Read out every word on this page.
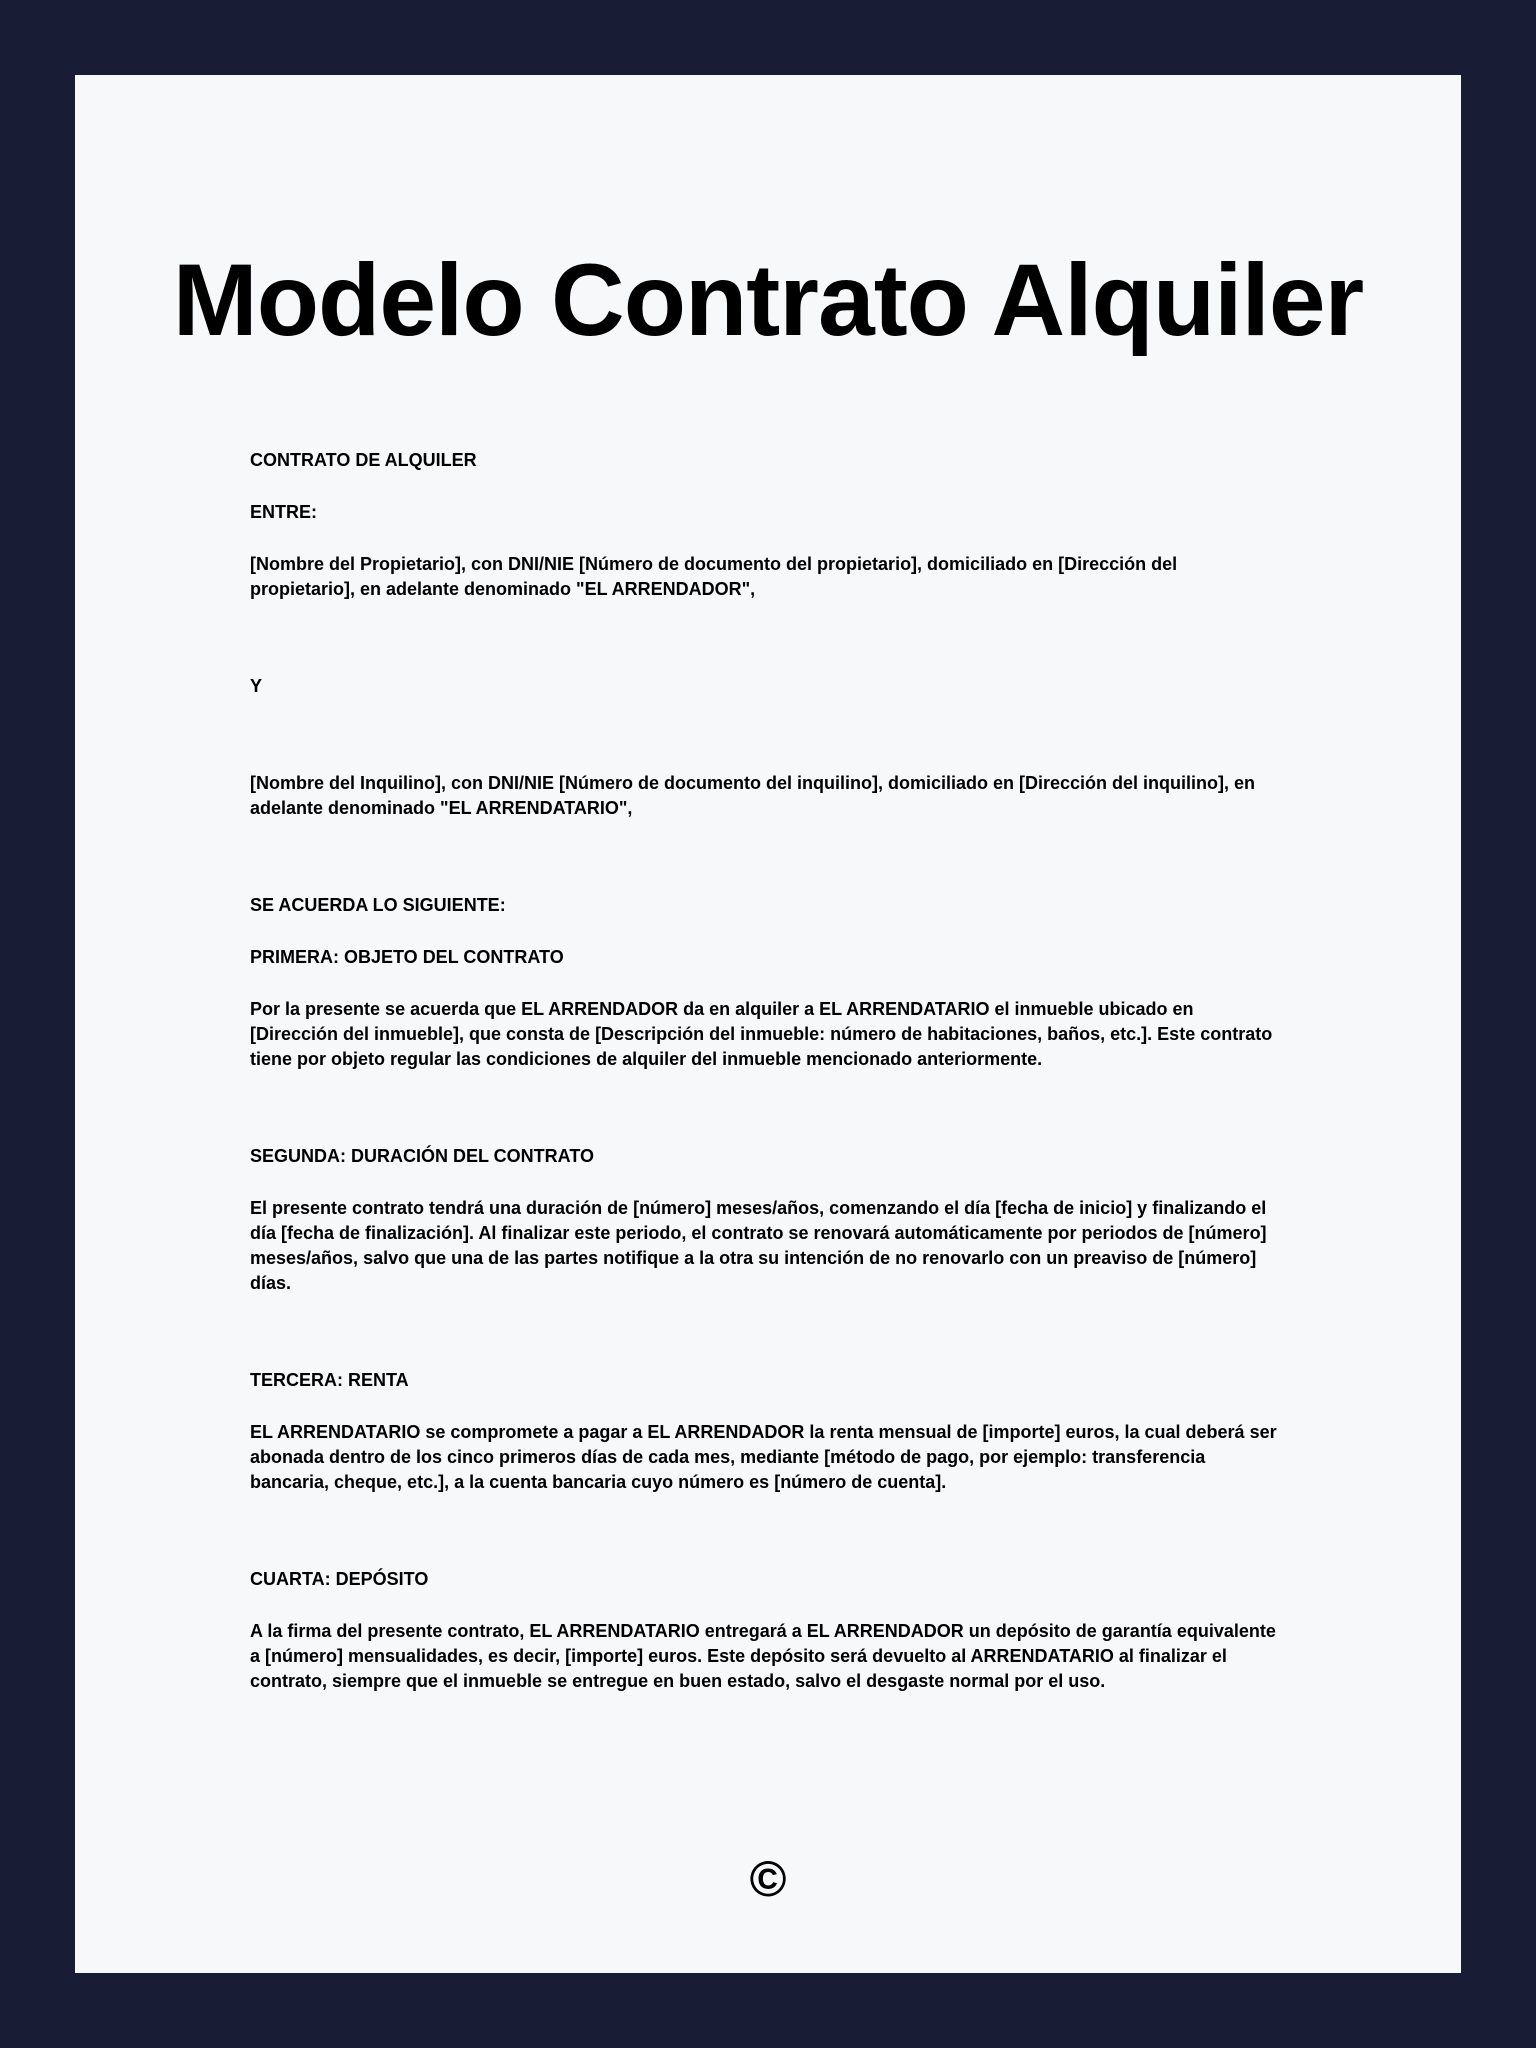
Modelo Contrato Alquiler

CONTRATO DE ALQUILER

ENTRE:

[Nombre del Propietario], con DNI/NIE [Número de documento del propietario], domiciliado en [Dirección del propietario], en adelante denominado "EL ARRENDADOR",

Y

[Nombre del Inquilino], con DNI/NIE [Número de documento del inquilino], domiciliado en [Dirección del inquilino], en adelante denominado "EL ARRENDATARIO",

SE ACUERDA LO SIGUIENTE:

PRIMERA: OBJETO DEL CONTRATO

Por la presente se acuerda que EL ARRENDADOR da en alquiler a EL ARRENDATARIO el inmueble ubicado en [Dirección del inmueble], que consta de [Descripción del inmueble: número de habitaciones, baños, etc.]. Este contrato tiene por objeto regular las condiciones de alquiler del inmueble mencionado anteriormente.

SEGUNDA: DURACIÓN DEL CONTRATO

El presente contrato tendrá una duración de [número] meses/años, comenzando el día [fecha de inicio] y finalizando el día [fecha de finalización]. Al finalizar este periodo, el contrato se renovará automáticamente por periodos de [número] meses/años, salvo que una de las partes notifique a la otra su intención de no renovarlo con un preaviso de [número] días.

TERCERA: RENTA

EL ARRENDATARIO se compromete a pagar a EL ARRENDADOR la renta mensual de [importe] euros, la cual deberá ser abonada dentro de los cinco primeros días de cada mes, mediante [método de pago, por ejemplo: transferencia bancaria, cheque, etc.], a la cuenta bancaria cuyo número es [número de cuenta].

CUARTA: DEPÓSITO

A la firma del presente contrato, EL ARRENDATARIO entregará a EL ARRENDADOR un depósito de garantía equivalente a [número] mensualidades, es decir, [importe] euros. Este depósito será devuelto al ARRENDATARIO al finalizar el contrato, siempre que el inmueble se entregue en buen estado, salvo el desgaste normal por el uso.

©
